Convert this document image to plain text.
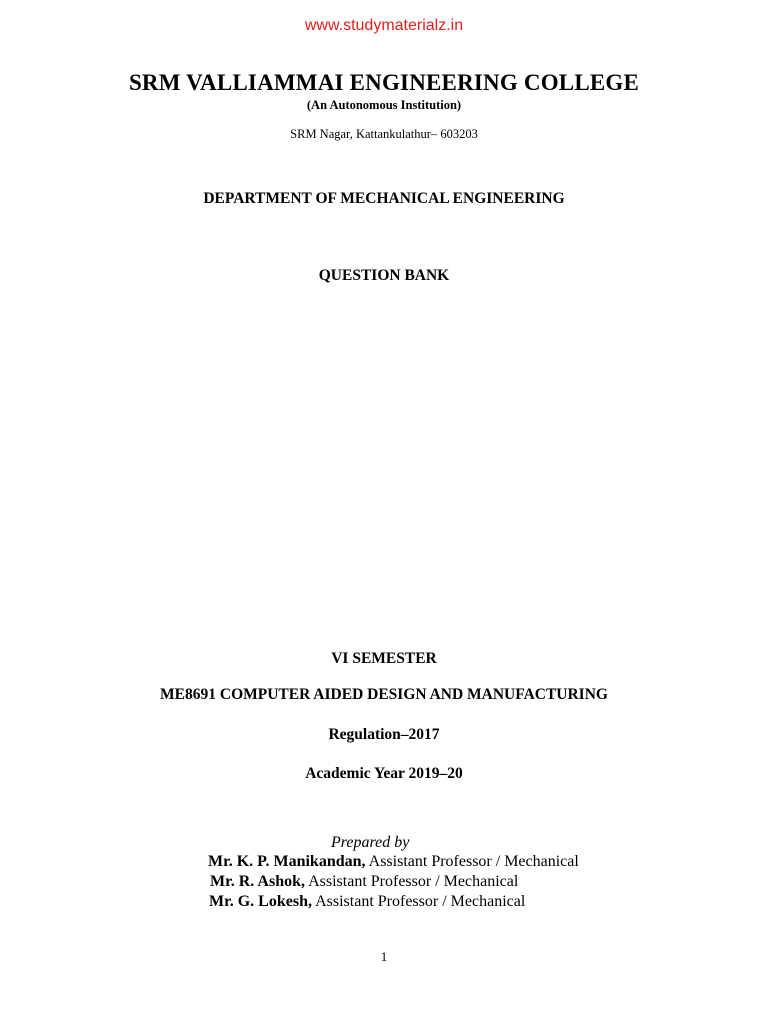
www.studymaterialz.in
SRM VALLIAMMAI ENGINEERING COLLEGE
(An Autonomous Institution)
SRM Nagar, Kattankulathur– 603203
DEPARTMENT OF MECHANICAL ENGINEERING
QUESTION BANK
VI SEMESTER
ME8691 COMPUTER AIDED DESIGN AND MANUFACTURING
Regulation–2017
Academic Year 2019–20
Prepared by
Mr. K. P. Manikandan, Assistant Professor / Mechanical
Mr. R. Ashok, Assistant Professor / Mechanical
Mr. G. Lokesh, Assistant Professor / Mechanical
1
